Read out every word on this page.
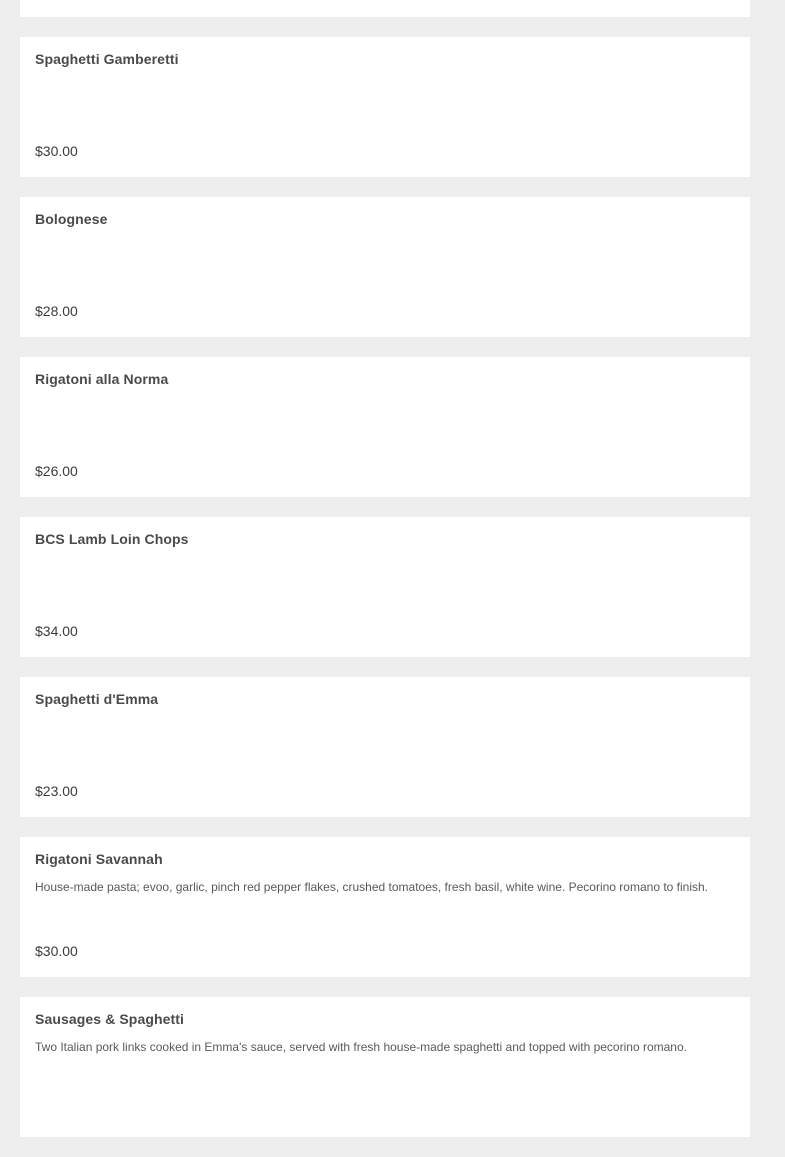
Spaghetti Gamberetti
$30.00
Bolognese
$28.00
Rigatoni alla Norma
$26.00
BCS Lamb Loin Chops
$34.00
Spaghetti d'Emma
$23.00
Rigatoni Savannah
House-made pasta; evoo, garlic, pinch red pepper flakes, crushed tomatoes, fresh basil, white wine. Pecorino romano to finish.
$30.00
Sausages & Spaghetti
Two Italian pork links cooked in Emma's sauce, served with fresh house-made spaghetti and topped with pecorino romano.
